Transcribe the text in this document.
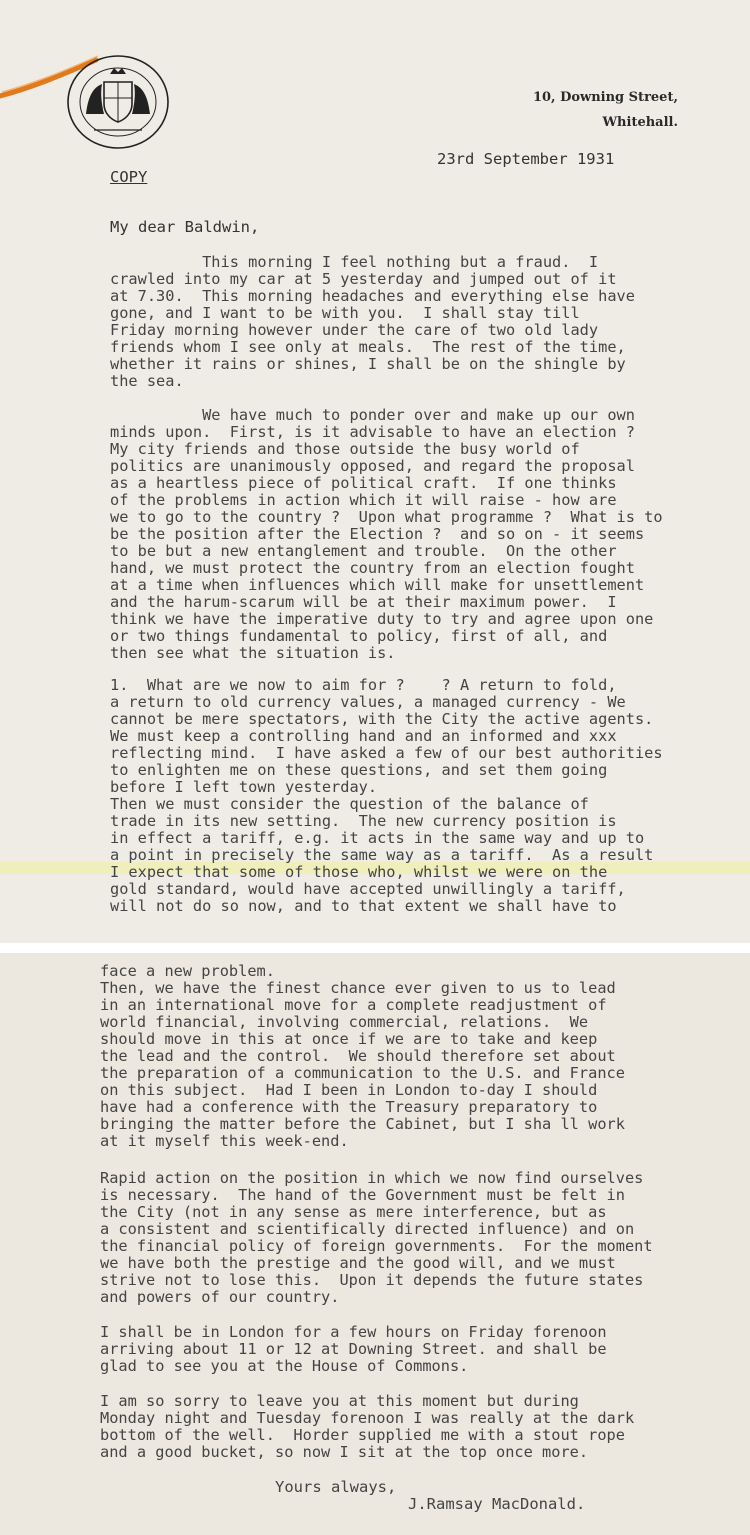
10, Downing Street,
Whitehall.
23rd September 1931
COPY
My dear Baldwin,
This morning I feel nothing but a fraud.  I
crawled into my car at 5 yesterday and jumped out of it
at 7.30.  This morning headaches and everything else have
gone, and I want to be with you.  I shall stay till
Friday morning however under the care of two old lady
friends whom I see only at meals.  The rest of the time,
whether it rains or shines, I shall be on the shingle by
the sea.
We have much to ponder over and make up our own
minds upon.  First, is it advisable to have an election ?
My city friends and those outside the busy world of
politics are unanimously opposed, and regard the proposal
as a heartless piece of political craft.  If one thinks
of the problems in action which it will raise - how are
we to go to the country ?  Upon what programme ?  What is to
be the position after the Election ?  and so on - it seems
to be but a new entanglement and trouble.  On the other
hand, we must protect the country from an election fought
at a time when influences which will make for unsettlement
and the harum-scarum will be at their maximum power.  I
think we have the imperative duty to try and agree upon one
or two things fundamental to policy, first of all, and
then see what the situation is.
1.  What are we now to aim for ?    ? A return to fold,
a return to old currency values, a managed currency - We
cannot be mere spectators, with the City the active agents.
We must keep a controlling hand and an informed and xxx
reflecting mind.  I have asked a few of our best authorities
to enlighten me on these questions, and set them going
before I left town yesterday.
Then we must consider the question of the balance of
trade in its new setting.  The new currency position is
in effect a tariff, e.g. it acts in the same way and up to
a point in precisely the same way as a tariff.  As a result
I expect that some of those who, whilst we were on the
gold standard, would have accepted unwillingly a tariff,
will not do so now, and to that extent we shall have to
face a new problem.
Then, we have the finest chance ever given to us to lead
in an international move for a complete readjustment of
world financial, involving commercial, relations.  We
should move in this at once if we are to take and keep
the lead and the control.  We should therefore set about
the preparation of a communication to the U.S. and France
on this subject.  Had I been in London to-day I should
have had a conference with the Treasury preparatory to
bringing the matter before the Cabinet, but I sha ll work
at it myself this week-end.
Rapid action on the position in which we now find ourselves
is necessary.  The hand of the Government must be felt in
the City (not in any sense as mere interference, but as
a consistent and scientifically directed influence) and on
the financial policy of foreign governments.  For the moment
we have both the prestige and the good will, and we must
strive not to lose this.  Upon it depends the future states
and powers of our country.
I shall be in London for a few hours on Friday forenoon
arriving about 11 or 12 at Downing Street. and shall be
glad to see you at the House of Commons.
I am so sorry to leave you at this moment but during
Monday night and Tuesday forenoon I was really at the dark
bottom of the well.  Horder supplied me with a stout rope
and a good bucket, so now I sit at the top once more.
Yours always,
J.Ramsay MacDonald.
